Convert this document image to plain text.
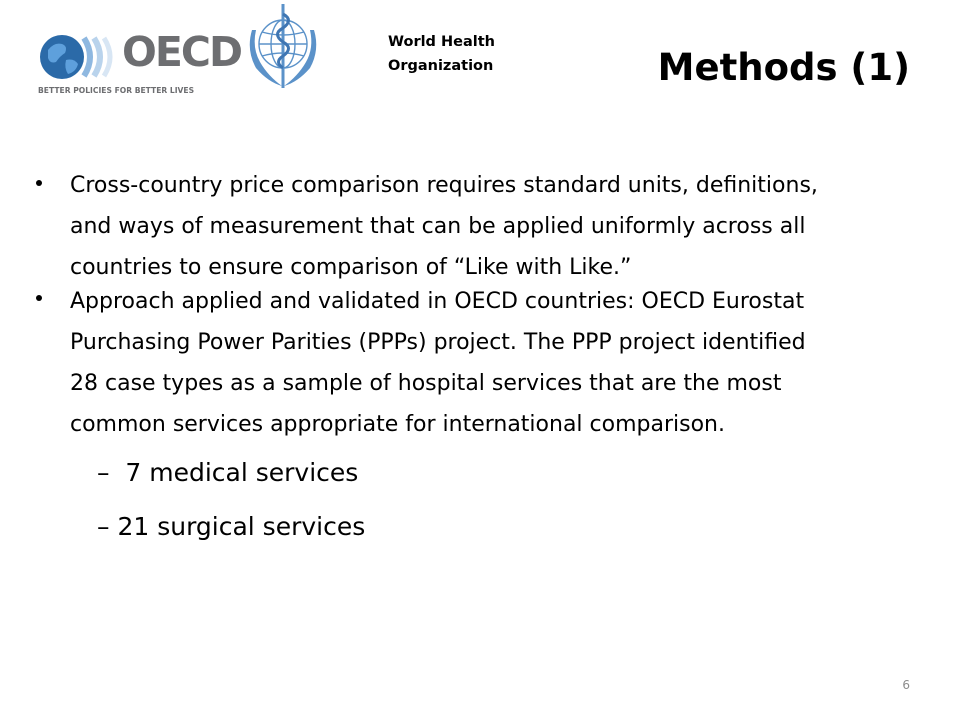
OECD
BETTER POLICIES FOR BETTER LIVES
World Health
Organization	Methods (1)
Cross-country price comparison requires standard units, definitions,
and ways of measurement that can be applied uniformly across all
countries to ensure comparison of “Like with Like.”
Approach applied and validated in OECD countries: OECD Eurostat
Purchasing Power Parities (PPPs) project. The PPP project identified
28 case types as a sample of hospital services that are the most
common services appropriate for international comparison.
–  7 medical services
– 21 surgical services
6
